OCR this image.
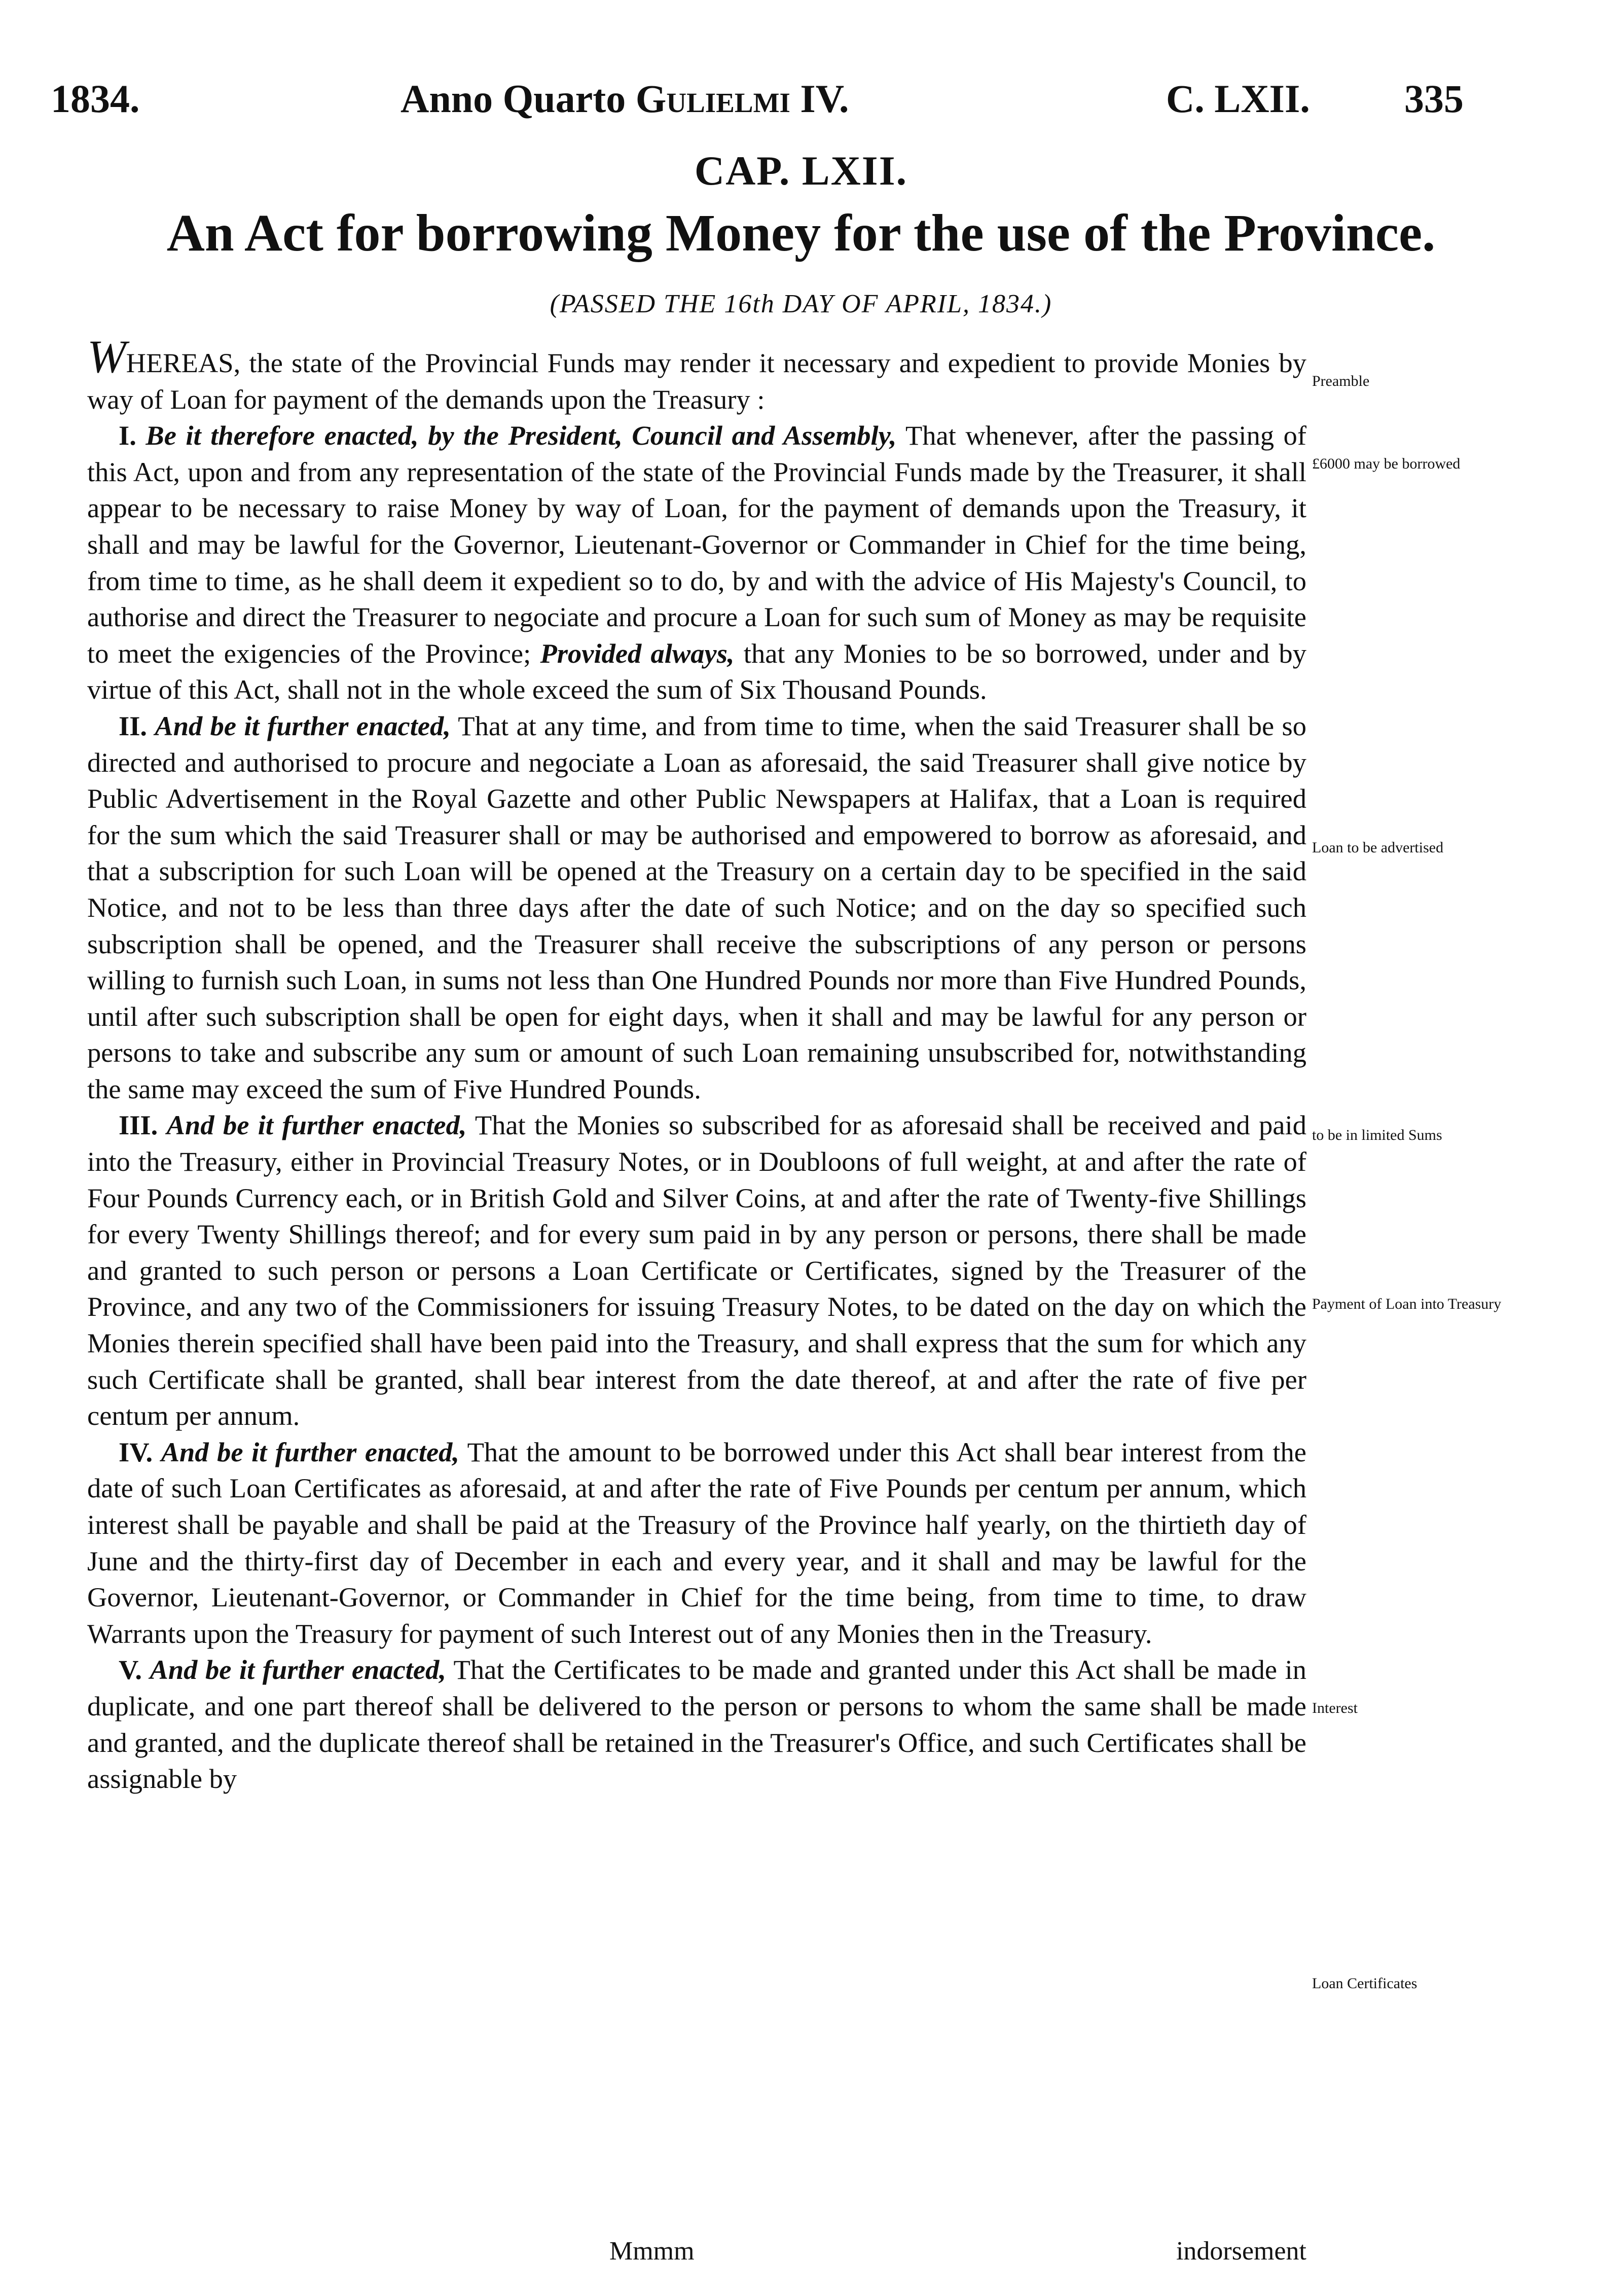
1834.	Anno Quarto Gulielmi IV.	C. LXII. 335
CAP. LXII.
An Act for borrowing Money for the use of the Province.
(PASSED THE 16th DAY OF APRIL, 1834.)

WHEREAS, the state of the Provincial Funds may render it necessary and expedient to provide Monies by way of Loan for payment of the demands upon the Treasury :

I. Be it therefore enacted, by the President, Council and Assembly, That whenever, after the passing of this Act, upon and from any representation of the state of the Provincial Funds made by the Treasurer, it shall appear to be necessary to raise Money by way of Loan, for the payment of demands upon the Treasury, it shall and may be lawful for the Governor, Lieutenant-Governor or Commander in Chief for the time being, from time to time, as he shall deem it expedient so to do, by and with the advice of His Majesty's Council, to authorise and direct the Treasurer to negociate and procure a Loan for such sum of Money as may be requisite to meet the exigencies of the Province; Provided always, that any Monies to be so borrowed, under and by virtue of this Act, shall not in the whole exceed the sum of Six Thousand Pounds.

II. And be it further enacted, That at any time, and from time to time, when the said Treasurer shall be so directed and authorised to procure and negociate a Loan as aforesaid, the said Treasurer shall give notice by Public Advertisement in the Royal Gazette and other Public Newspapers at Halifax, that a Loan is required for the sum which the said Treasurer shall or may be authorised and empowered to borrow as aforesaid, and that a subscription for such Loan will be opened at the Treasury on a certain day to be specified in the said Notice, and not to be less than three days after the date of such Notice; and on the day so specified such subscription shall be opened, and the Treasurer shall receive the subscriptions of any person or persons willing to furnish such Loan, in sums not less than One Hundred Pounds nor more than Five Hundred Pounds, until after such subscription shall be open for eight days, when it shall and may be lawful for any person or persons to take and subscribe any sum or amount of such Loan remaining unsubscribed for, notwithstanding the same may exceed the sum of Five Hundred Pounds.

III. And be it further enacted, That the Monies so subscribed for as aforesaid shall be received and paid into the Treasury, either in Provincial Treasury Notes, or in Doubloons of full weight, at and after the rate of Four Pounds Currency each, or in British Gold and Silver Coins, at and after the rate of Twenty-five Shillings for every Twenty Shillings thereof; and for every sum paid in by any person or persons, there shall be made and granted to such person or persons a Loan Certificate or Certificates, signed by the Treasurer of the Province, and any two of the Commissioners for issuing Treasury Notes, to be dated on the day on which the Monies therein specified shall have been paid into the Treasury, and shall express that the sum for which any such Certificate shall be granted, shall bear interest from the date thereof, at and after the rate of five per centum per annum.

IV. And be it further enacted, That the amount to be borrowed under this Act shall bear interest from the date of such Loan Certificates as aforesaid, at and after the rate of Five Pounds per centum per annum, which interest shall be payable and shall be paid at the Treasury of the Province half yearly, on the thirtieth day of June and the thirty-first day of December in each and every year, and it shall and may be lawful for the Governor, Lieutenant-Governor, or Commander in Chief for the time being, from time to time, to draw Warrants upon the Treasury for payment of such Interest out of any Monies then in the Treasury.

V. And be it further enacted, That the Certificates to be made and granted under this Act shall be made in duplicate, and one part thereof shall be delivered to the person or persons to whom the same shall be made and granted, and the duplicate thereof shall be retained in the Treasurer's Office, and such Certificates shall be assignable by

Preamble
£6000 may be borrowed
Loan to be advertised
to be in limited Sums
Payment of Loan into Treasury
Interest
Loan Certificates
Mmmm	indorsement
